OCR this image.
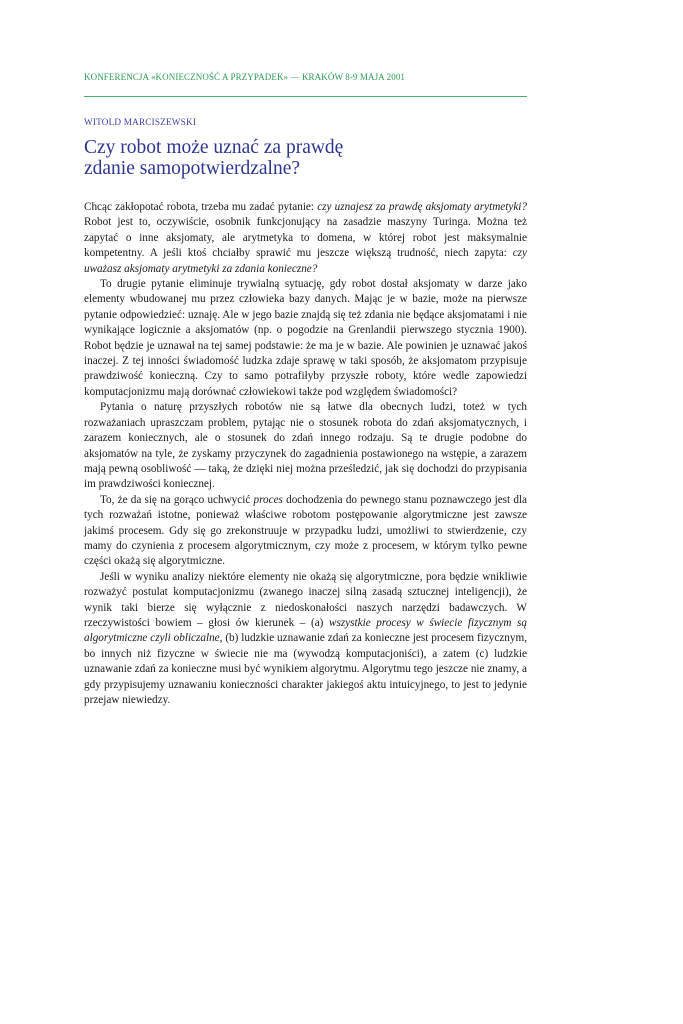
KONFERENCJA «KONIECZNOŚĆ A PRZYPADEK» — KRAKÓW 8-9 MAJA 2001
WITOLD MARCISZEWSKI
Czy robot może uznać za prawdę
zdanie samopotwierdzalne?

Chcąc zakłopotać robota, trzeba mu zadać pytanie: czy uznajesz za prawdę aksjomaty arytmetyki? Robot jest to, oczywiście, osobnik funkcjonujący na zasadzie maszyny Turinga. Można też zapytać o inne aksjomaty, ale arytmetyka to domena, w której robot jest maksymalnie kompetentny. A jeśli ktoś chciałby sprawić mu jeszcze większą trudność, niech zapyta: czy uważasz aksjomaty arytmetyki za zdania konieczne?

To drugie pytanie eliminuje trywialną sytuację, gdy robot dostał aksjomaty w darze jako elementy wbudowanej mu przez człowieka bazy danych. Mając je w bazie, może na pierwsze pytanie odpowiedzieć: uznaję. Ale w jego bazie znajdą się też zdania nie będące aksjomatami i nie wynikające logicznie a aksjomatów (np. o pogodzie na Grenlandii pierwszego stycznia 1900). Robot będzie je uznawał na tej samej podstawie: że ma je w bazie. Ale powinien je uznawać jakoś inaczej. Z tej inności świadomość ludzka zdaje sprawę w taki sposób, że aksjomatom przypisuje prawdziwość konieczną. Czy to samo potrafiłyby przyszłe roboty, które wedle zapowiedzi komputacjonizmu mają dorównać człowiekowi także pod względem świadomości?

Pytania o naturę przyszłych robotów nie są łatwe dla obecnych ludzi, toteż w tych rozważaniach upraszczam problem, pytając nie o stosunek robota do zdań aksjomatycznych, i zarazem koniecznych, ale o stosunek do zdań innego rodzaju. Są te drugie podobne do aksjomatów na tyle, że zyskamy przyczynek do zagadnienia postawionego na wstępie, a zarazem mają pewną osobliwość — taką, że dzięki niej można prześledzić, jak się dochodzi do przypisania im prawdziwości koniecznej.

To, że da się na gorąco uchwycić proces dochodzenia do pewnego stanu poznawczego jest dla tych rozważań istotne, ponieważ właściwe robotom postępowanie algorytmiczne jest zawsze jakimś procesem. Gdy się go zrekonstruuje w przypadku ludzi, umożliwi to stwierdzenie, czy mamy do czynienia z procesem algorytmicznym, czy może z procesem, w którym tylko pewne części okażą się algorytmiczne.

Jeśli w wyniku analizy niektóre elementy nie okażą się algorytmiczne, pora będzie wnikliwie rozważyć postulat komputacjonizmu (zwanego inaczej silną zasadą sztucznej inteligencji), że wynik taki bierze się wyłącznie z niedoskonałości naszych narzędzi badawczych. W rzeczywistości bowiem – głosi ów kierunek – (a) wszystkie procesy w świecie fizycznym są algorytmiczne czyli obliczalne, (b) ludzkie uznawanie zdań za konieczne jest procesem fizycznym, bo innych niż fizyczne w świecie nie ma (wywodzą komputacjoniści), a zatem (c) ludzkie uznawanie zdań za konieczne musi być wynikiem algorytmu. Algorytmu tego jeszcze nie znamy, a gdy przypisujemy uznawaniu konieczności charakter jakiegoś aktu intuicyjnego, to jest to jedynie przejaw niewiedzy.
